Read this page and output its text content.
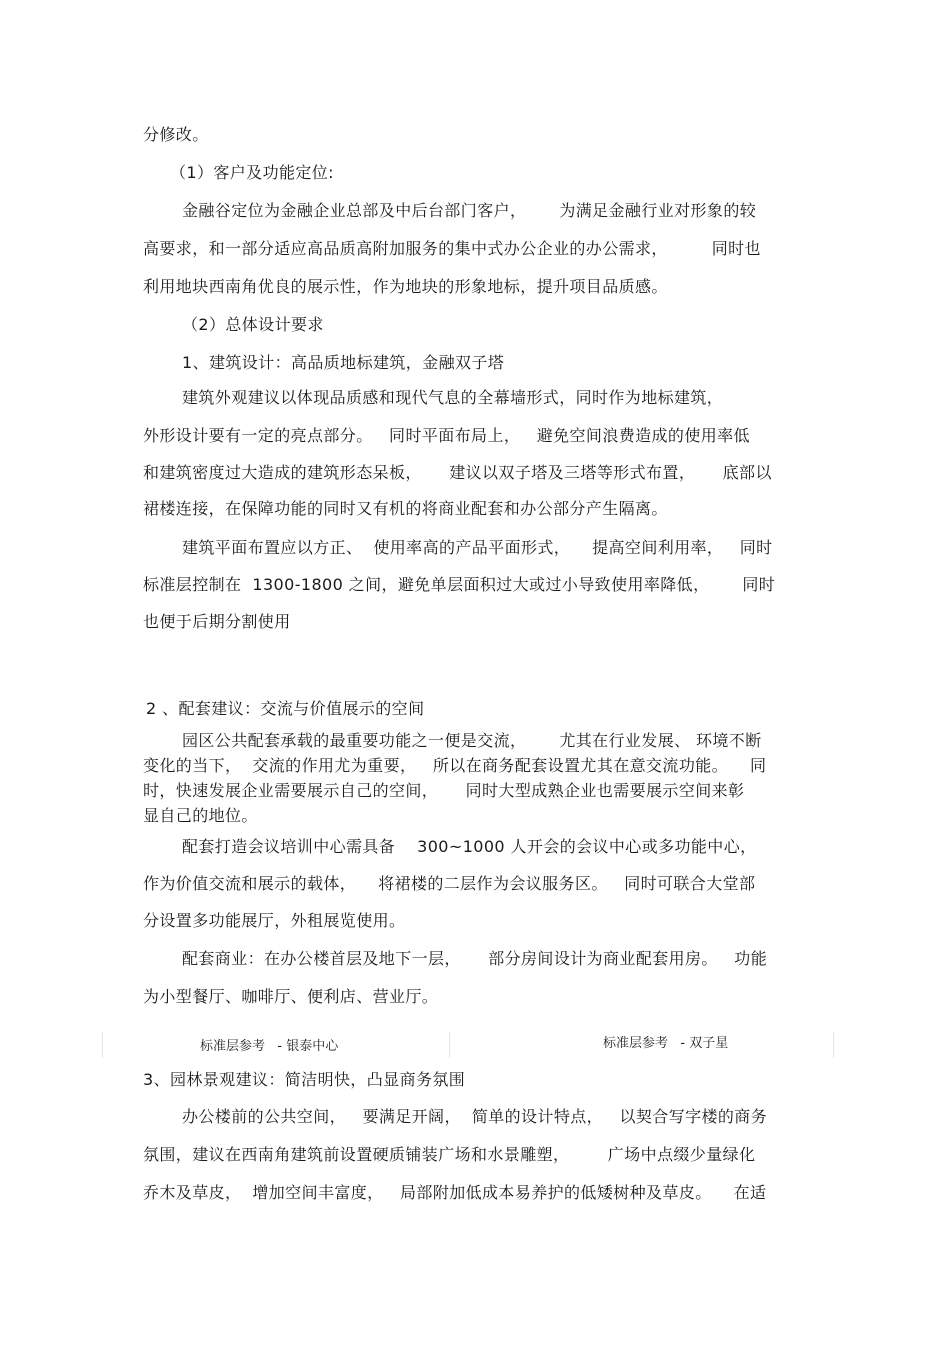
分修改。
（1）客户及功能定位:
金融谷定位为金融企业总部及中后台部门客户，      为满足金融行业对形象的较
高要求，和一部分适应高品质高附加服务的集中式办公企业的办公需求，        同时也
利用地块西南角优良的展示性，作为地块的形象地标，提升项目品质感。
（2）总体设计要求
1、建筑设计：高品质地标建筑，金融双子塔
建筑外观建议以体现品质感和现代气息的全幕墙形式，同时作为地标建筑，
外形设计要有一定的亮点部分。   同时平面布局上，   避免空间浪费造成的使用率低
和建筑密度过大造成的建筑形态呆板，     建议以双子塔及三塔等形式布置，     底部以
裙楼连接，在保障功能的同时又有机的将商业配套和办公部分产生隔离。
建筑平面布置应以方正、  使用率高的产品平面形式，    提高空间利用率，   同时
标准层控制在  1300-1800 之间，避免单层面积过大或过小导致使用率降低，      同时
也便于后期分割使用
2 、配套建议：交流与价值展示的空间
园区公共配套承载的最重要功能之一便是交流，      尤其在行业发展、 环境不断
变化的当下，  交流的作用尤为重要，   所以在商务配套设置尤其在意交流功能。    同
时，快速发展企业需要展示自己的空间，     同时大型成熟企业也需要展示空间来彰
显自己的地位。
配套打造会议培训中心需具备    300~1000 人开会的会议中心或多功能中心，
作为价值交流和展示的载体，    将裙楼的二层作为会议服务区。   同时可联合大堂部
分设置多功能展厅，外租展览使用。
配套商业：在办公楼首层及地下一层，     部分房间设计为商业配套用房。   功能
为小型餐厅、咖啡厅、便利店、营业厅。
标准层参考   - 银泰中心	标准层参考   - 双子星
3、园林景观建议：简洁明快，凸显商务氛围
办公楼前的公共空间，   要满足开阔，  简单的设计特点，   以契合写字楼的商务
氛围，建议在西南角建筑前设置硬质铺装广场和水景雕塑，       广场中点缀少量绿化
乔木及草皮，  增加空间丰富度，   局部附加低成本易养护的低矮树种及草皮。    在适
